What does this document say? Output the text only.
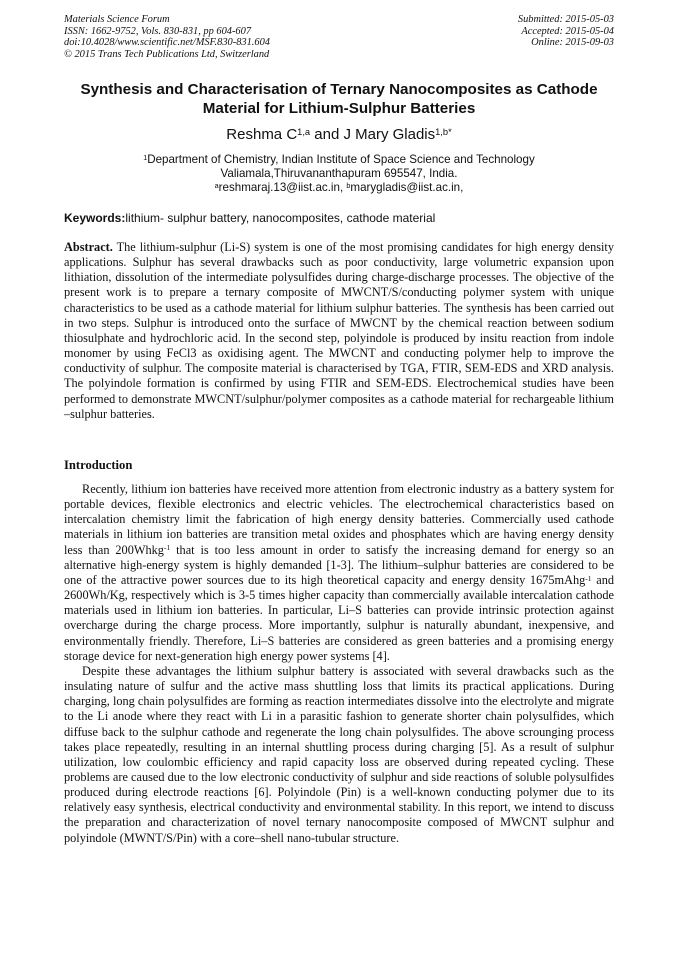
Materials Science Forum
ISSN: 1662-9752, Vols. 830-831, pp 604-607
doi:10.4028/www.scientific.net/MSF.830-831.604
© 2015 Trans Tech Publications Ltd, Switzerland
Submitted: 2015-05-03
Accepted: 2015-05-04
Online: 2015-09-03
Synthesis and Characterisation of Ternary Nanocomposites as Cathode
Material for Lithium-Sulphur Batteries
Reshma C$^{1,a}$ and J Mary Gladis$^{1,b*}$
$^1$Department of Chemistry, Indian Institute of Space Science and Technology
Valiamala,Thiruvananthapuram 695547, India.
$^a$reshmaraj.13@iist.ac.in, $^b$marygladis@iist.ac.in,
Keywords:lithium- sulphur battery, nanocomposites, cathode material

Abstract. The lithium-sulphur (Li-S) system is one of the most promising candidates for high energy density applications. Sulphur has several drawbacks such as poor conductivity, large volumetric expansion upon lithiation, dissolution of the intermediate polysulfides during charge-discharge processes. The objective of the present work is to prepare a ternary composite of MWCNT/S/conducting polymer system with unique characteristics to be used as a cathode material for lithium sulphur batteries. The synthesis has been carried out in two steps. Sulphur is introduced onto the surface of MWCNT by the chemical reaction between sodium thiosulphate and hydrochloric acid. In the second step, polyindole is produced by insitu reaction from indole monomer by using FeCl3 as oxidising agent. The MWCNT and conducting polymer help to improve the conductivity of sulphur. The composite material is characterised by TGA, FTIR, SEM-EDS and XRD analysis. The polyindole formation is confirmed by using FTIR and SEM-EDS. Electrochemical studies have been performed to demonstrate MWCNT/sulphur/polymer composites as a cathode material for rechargeable lithium –sulphur batteries.

Introduction

Recently, lithium ion batteries have received more attention from electronic industry as a battery system for portable devices, flexible electronics and electric vehicles. The electrochemical characteristics based on intercalation chemistry limit the fabrication of high energy density batteries. Commercially used cathode materials in lithium ion batteries are transition metal oxides and phosphates which are having energy density less than 200Whkg$^{-1}$ that is too less amount in order to satisfy the increasing demand for energy so an alternative high-energy system is highly demanded [1-3]. The lithium–sulphur batteries are considered to be one of the attractive power sources due to its high theoretical capacity and energy density 1675mAhg$^{-1}$ and 2600Wh/Kg, respectively which is 3-5 times higher capacity than commercially available intercalation cathode materials used in lithium ion batteries. In particular, Li–S batteries can provide intrinsic protection against overcharge during the charge process. More importantly, sulphur is naturally abundant, inexpensive, and environmentally friendly. Therefore, Li–S batteries are considered as green batteries and a promising energy storage device for next-generation high energy power systems [4].

Despite these advantages the lithium sulphur battery is associated with several drawbacks such as the insulating nature of sulfur and the active mass shuttling loss that limits its practical applications. During charging, long chain polysulfides are forming as reaction intermediates dissolve into the electrolyte and migrate to the Li anode where they react with Li in a parasitic fashion to generate shorter chain polysulfides, which diffuse back to the sulphur cathode and regenerate the long chain polysulfides. The above scrounging process takes place repeatedly, resulting in an internal shuttling process during charging [5]. As a result of sulphur utilization, low coulombic efficiency and rapid capacity loss are observed during repeated cycling. These problems are caused due to the low electronic conductivity of sulphur and side reactions of soluble polysulfides produced during electrode reactions [6]. Polyindole (Pin) is a well-known conducting polymer due to its relatively easy synthesis, electrical conductivity and environmental stability. In this report, we intend to discuss the preparation and characterization of novel ternary nanocomposite composed of MWCNT sulphur and polyindole (MWNT/S/Pin) with a core–shell nano-tubular structure.
